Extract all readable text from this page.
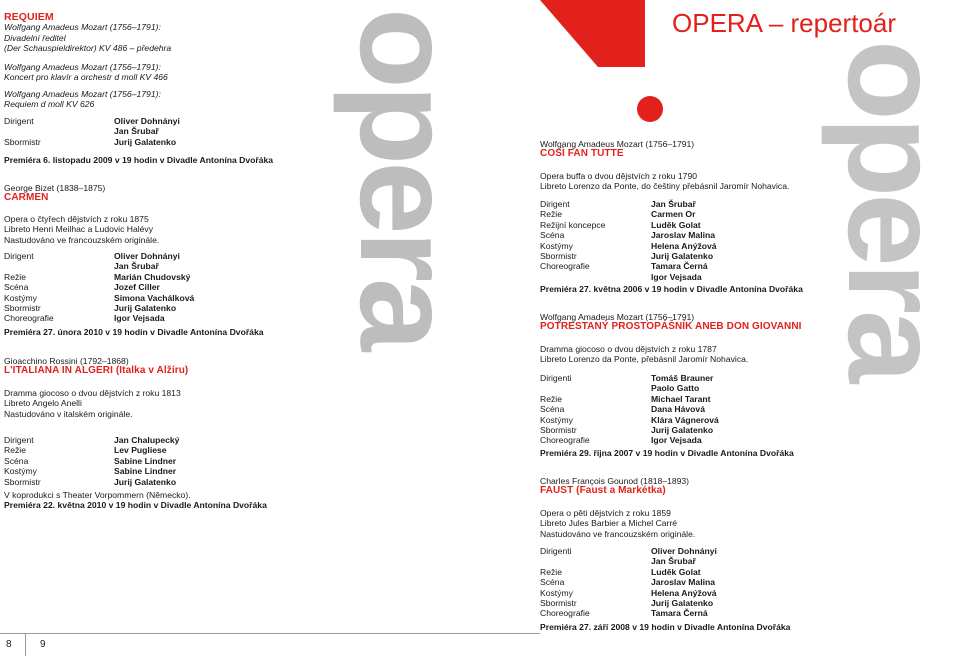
opera
REQUIEM
Wolfgang Amadeus Mozart (1756–1791):
Divadelní ředitel
(Der Schauspieldirektor) KV 486 – předehra
Wolfgang Amadeus Mozart (1756–1791):
Koncert pro klavír a orchestr d moll KV 466
Wolfgang Amadeus Mozart (1756–1791):
Requiem d moll KV 626
Dirigent	Oliver Dohnányi
Jan Šrubař
Sbormistr	Jurij Galatenko
Premiéra 6. listopadu 2009 v 19 hodin v Divadle Antonína Dvořáka
George Bizet (1838–1875)
CARMEN
Opera o čtyřech dějstvích z roku 1875
Libreto Henri Meilhac a Ludovic Halévy
Nastudováno ve francouzském originále.
Dirigent	Oliver Dohnányi
Jan Šrubař
Režie	Marián Chudovský
Scéna	Jozef Ciller
Kostýmy	Simona Vachálková
Sbormistr	Jurij Galatenko
Choreografie	Igor Vejsada
Premiéra 27. února 2010 v 19 hodin v Divadle Antonína Dvořáka
Gioacchino Rossini (1792–1868)
L'ITALIANA IN ALGERI (Italka v Alžíru)
Dramma giocoso o dvou dějstvích z roku 1813
Libreto Angelo Anelli
Nastudováno v italském originále.
Dirigent	Jan Chalupecký
Režie	Lev Pugliese
Scéna	Sabine Lindner
Kostýmy	Sabine Lindner
Sbormistr	Jurij Galatenko
V koprodukci s Theater Vorpommern (Německo).
Premiéra 22. května 2010 v 19 hodin v Divadle Antonína Dvořáka
8
opera
OPERA – repertoár
Wolfgang Amadeus Mozart (1756–1791)
COSÌ FAN TUTTE
Opera buffa o dvou dějstvích z roku 1790
Libreto Lorenzo da Ponte, do češtiny přebásnil Jaromír Nohavica.
Dirigent	Jan Šrubař
Režie	Carmen Or
Režijní koncepce	Luděk Golat
Scéna	Jaroslav Malina
Kostýmy	Helena Anýžová
Sbormistr	Jurij Galatenko
Choreografie	Tamara Černá
Igor Vejsada
Premiéra 27. května 2006 v 19 hodin v Divadle Antonína Dvořáka
Wolfgang Amadeus Mozart (1756–1791)
POTRESTANÝ PROSTOPÁŠNÍK ANEB DON GIOVANNI
Dramma giocoso o dvou dějstvích z roku 1787
Libreto Lorenzo da Ponte, přebásnil Jaromír Nohavica.
Dirigenti	Tomáš Brauner
Paolo Gatto
Režie	Michael Tarant
Scéna	Dana Hávová
Kostýmy	Klára Vágnerová
Sbormistr	Jurij Galatenko
Choreografie	Igor Vejsada
Premiéra 29. října 2007 v 19 hodin v Divadle Antonína Dvořáka
Charles François Gounod (1818–1893)
FAUST (Faust a Markétka)
Opera o pěti dějstvích z roku 1859
Libreto Jules Barbier a Michel Carré
Nastudováno ve francouzském originále.
Dirigenti	Oliver Dohnányi
Jan Šrubař
Režie	Luděk Golat
Scéna	Jaroslav Malina
Kostýmy	Helena Anýžová
Sbormistr	Jurij Galatenko
Choreografie	Tamara Černá
Premiéra 27. září 2008 v 19 hodin v Divadle Antonína Dvořáka
9
